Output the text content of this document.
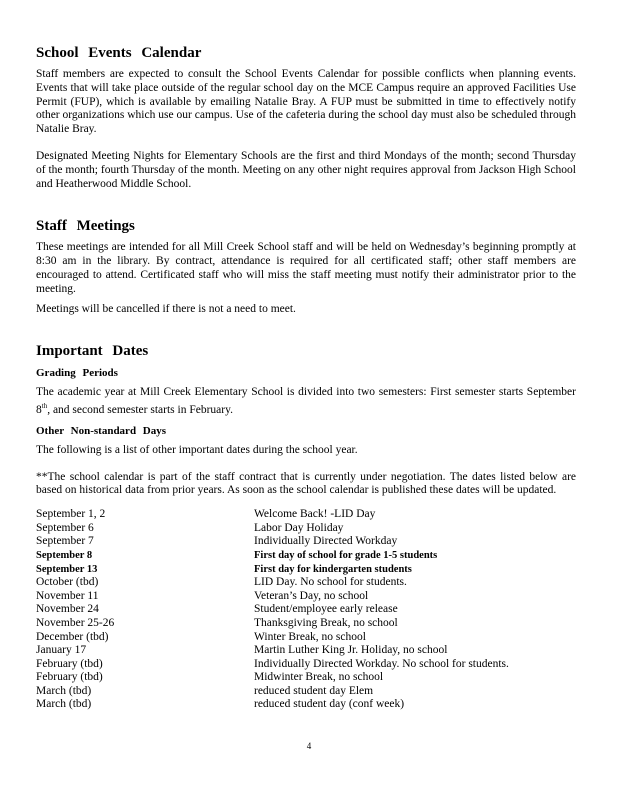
School Events Calendar

Staff members are expected to consult the School Events Calendar for possible conflicts when planning events. Events that will take place outside of the regular school day on the MCE Campus require an approved Facilities Use Permit (FUP), which is available by emailing Natalie Bray. A FUP must be submitted in time to effectively notify other organizations which use our campus. Use of the cafeteria during the school day must also be scheduled through Natalie Bray.

Designated Meeting Nights for Elementary Schools are the first and third Mondays of the month; second Thursday of the month; fourth Thursday of the month. Meeting on any other night requires approval from Jackson High School and Heatherwood Middle School.

Staff Meetings

These meetings are intended for all Mill Creek School staff and will be held on Wednesday’s beginning promptly at 8:30 am in the library. By contract, attendance is required for all certificated staff; other staff members are encouraged to attend. Certificated staff who will miss the staff meeting must notify their administrator prior to the meeting.

Meetings will be cancelled if there is not a need to meet.

Important Dates
Grading Periods

The academic year at Mill Creek Elementary School is divided into two semesters: First semester starts September 8th, and second semester starts in February.

Other Non-standard Days

The following is a list of other important dates during the school year.

**The school calendar is part of the staff contract that is currently under negotiation. The dates listed below are based on historical data from prior years. As soon as the school calendar is published these dates will be updated.

September 1, 2	Welcome Back! -LID Day
September 6	Labor Day Holiday
September 7	Individually Directed Workday
September 8	First day of school for grade 1-5 students
September 13	First day for kindergarten students
October (tbd)	LID Day. No school for students.
November 11	Veteran’s Day, no school
November 24	Student/employee early release
November 25-26	Thanksgiving Break, no school
December (tbd)	Winter Break, no school
January 17	Martin Luther King Jr. Holiday, no school
February (tbd)	Individually Directed Workday. No school for students.
February (tbd)	Midwinter Break, no school
March (tbd)	reduced student day Elem
March (tbd)	reduced student day (conf week)
4
